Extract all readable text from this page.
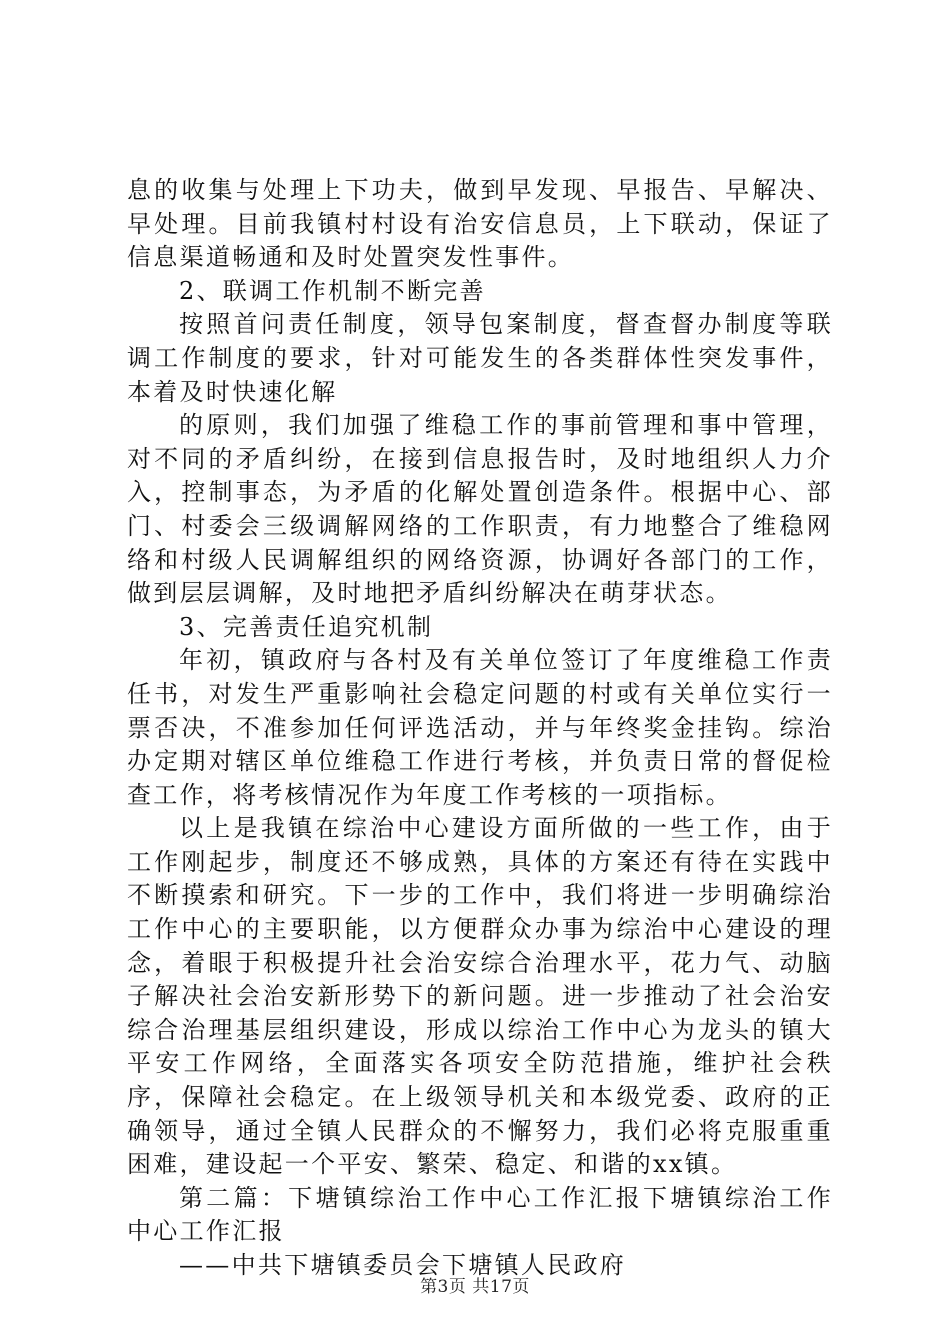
息的收集与处理上下功夫，做到早发现、早报告、早解决、早处理。目前我镇村村设有治安信息员，上下联动，保证了信息渠道畅通和及时处置突发性事件。

2、联调工作机制不断完善

按照首问责任制度，领导包案制度，督查督办制度等联调工作制度的要求，针对可能发生的各类群体性突发事件，本着及时快速化解

的原则，我们加强了维稳工作的事前管理和事中管理，对不同的矛盾纠纷，在接到信息报告时，及时地组织人力介入，控制事态，为矛盾的化解处置创造条件。根据中心、部门、村委会三级调解网络的工作职责，有力地整合了维稳网络和村级人民调解组织的网络资源，协调好各部门的工作，做到层层调解，及时地把矛盾纠纷解决在萌芽状态。

3、完善责任追究机制

年初，镇政府与各村及有关单位签订了年度维稳工作责任书，对发生严重影响社会稳定问题的村或有关单位实行一票否决，不准参加任何评选活动，并与年终奖金挂钩。综治办定期对辖区单位维稳工作进行考核，并负责日常的督促检查工作，将考核情况作为年度工作考核的一项指标。

以上是我镇在综治中心建设方面所做的一些工作，由于工作刚起步，制度还不够成熟，具体的方案还有待在实践中不断摸索和研究。下一步的工作中，我们将进一步明确综治工作中心的主要职能，以方便群众办事为综治中心建设的理念，着眼于积极提升社会治安综合治理水平，花力气、动脑子解决社会治安新形势下的新问题。进一步推动了社会治安综合治理基层组织建设，形成以综治工作中心为龙头的镇大平安工作网络，全面落实各项安全防范措施，维护社会秩序，保障社会稳定。在上级领导机关和本级党委、政府的正确领导，通过全镇人民群众的不懈努力，我们必将克服重重困难，建设起一个平安、繁荣、稳定、和谐的xx镇。

第二篇：下塘镇综治工作中心工作汇报下塘镇综治工作中心工作汇报

——中共下塘镇委员会下塘镇人民政府

第3页 共17页
